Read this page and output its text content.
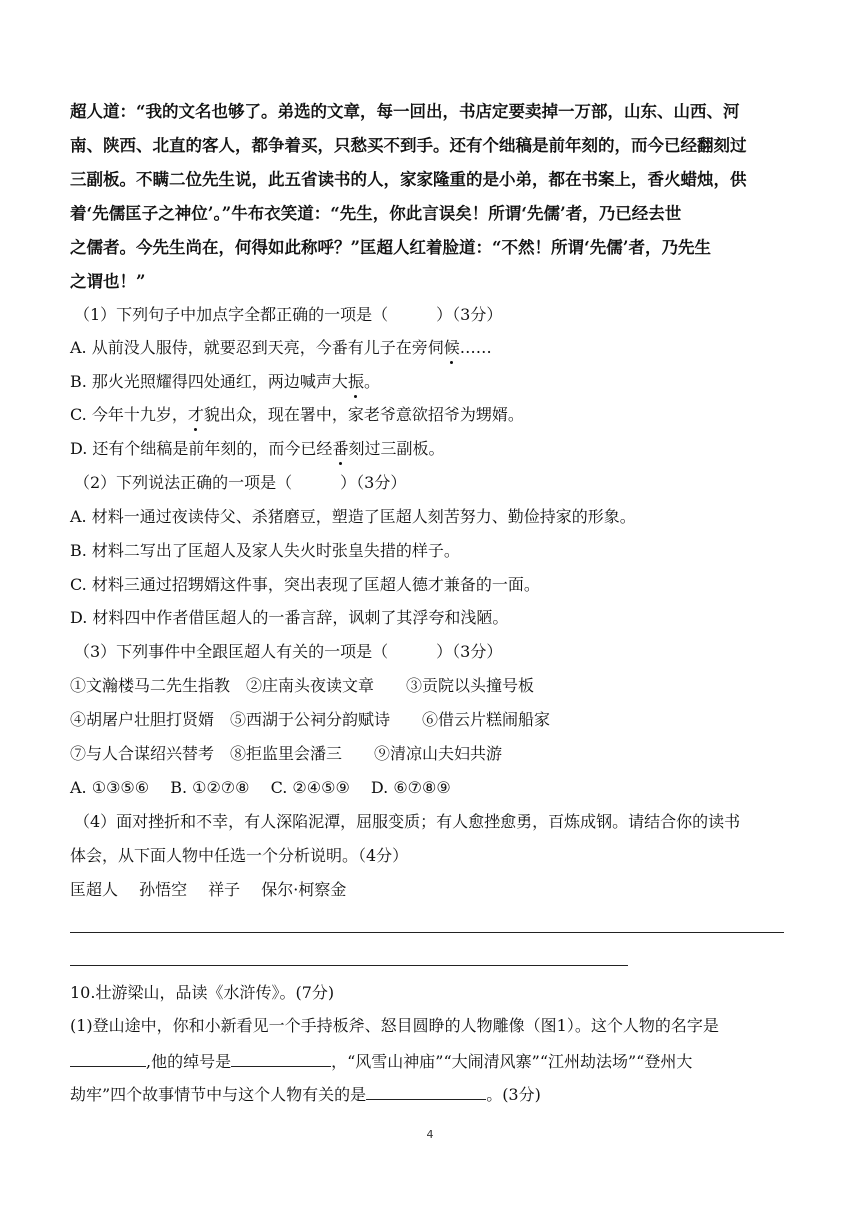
超人道：“我的文名也够了。弟选的文章，每一回出，书店定要卖掉一万部，山东、山西、河
南、陕西、北直的客人，都争着买，只愁买不到手。还有个绌稿是前年刻的，而今已经翻刻过
三副板。不瞒二位先生说，此五省读书的人，家家隆重的是小弟，都在书案上，香火蜡烛，供
着‘先儒匡子之神位’。”牛布衣笑道：“先生，你此言误矣！所谓‘先儒’者，乃已经去世
之儒者。今先生尚在，何得如此称呼？”匡超人红着脸道：“不然！所谓‘先儒’者，乃先生
之谓也！”
（1）下列句子中加点字全都正确的一项是（　　　）（3分）
A. 从前没人服侍，就要忍到天亮，今番有儿子在旁伺候……
B. 那火光照耀得四处通红，两边喊声大振。
C. 今年十九岁，才貌出众，现在署中，家老爷意欲招爷为甥婿。
D. 还有个绌稿是前年刻的，而今已经番刻过三副板。
（2）下列说法正确的一项是（　　　）（3分）
A. 材料一通过夜读侍父、杀猪磨豆，塑造了匡超人刻苦努力、勤俭持家的形象。
B. 材料二写出了匡超人及家人失火时张皇失措的样子。
C. 材料三通过招甥婿这件事，突出表现了匡超人德才兼备的一面。
D. 材料四中作者借匡超人的一番言辞，讽刺了其浮夸和浅陋。
（3）下列事件中全跟匡超人有关的一项是（　　　）（3分）
①文瀚楼马二先生指教　②庄南头夜读文章　　③贡院以头撞号板
④胡屠户壮胆打贤婿　⑤西湖于公祠分韵赋诗　　⑥借云片糕闹船家
⑦与人合谋绍兴替考　⑧拒监里会潘三　　⑨清凉山夫妇共游
A. ①③⑤⑥　 B. ①②⑦⑧　 C. ②④⑤⑨　 D. ⑥⑦⑧⑨
（4）面对挫折和不幸，有人深陷泥潭，屈服变质；有人愈挫愈勇，百炼成钢。请结合你的读书
体会，从下面人物中任选一个分析说明。（4分）
匡超人　 孙悟空　 祥子　 保尔·柯察金
10.壮游梁山，品读《水浒传》。(7分)
(1)登山途中，你和小新看见一个手持板斧、怒目圆睁的人物雕像（图1）。这个人物的名字是
,他的绰号是	，“风雪山神庙”“大闹清风寨”“江州劫法场”“登州大
劫牢”四个故事情节中与这个人物有关的是	。(3分)
4
